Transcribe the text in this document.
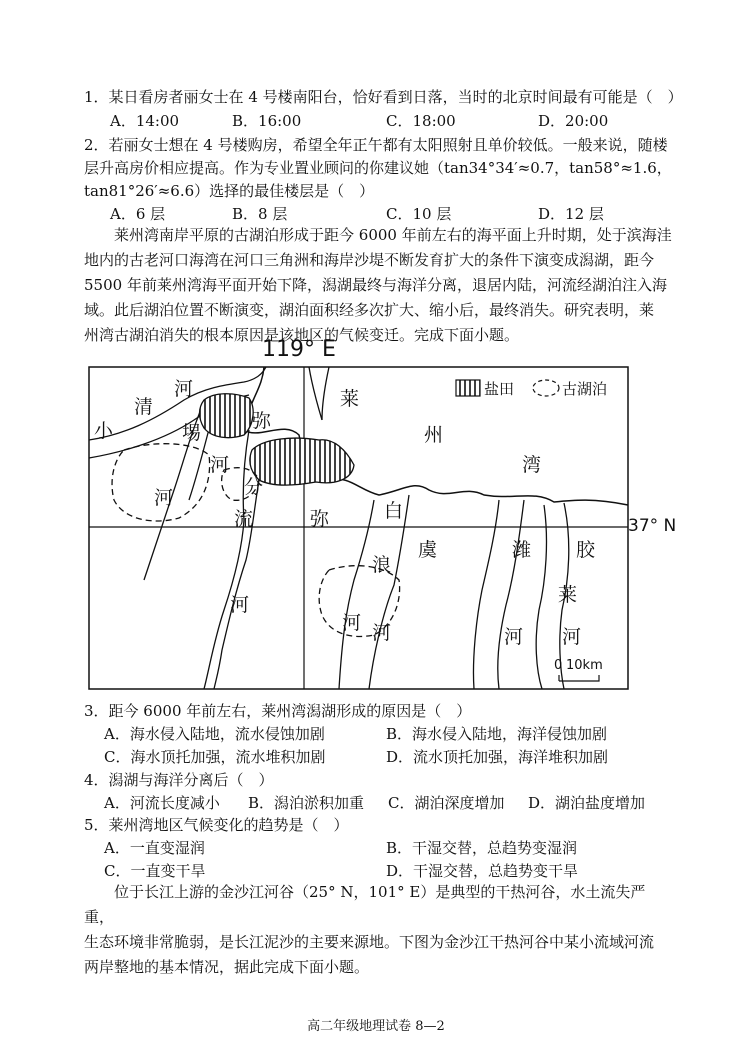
1．某日看房者丽女士在 4 号楼南阳台，恰好看到日落，当时的北京时间最有可能是（　）
A．14:00	B．16:00	C．18:00	D．20:00
2．若丽女士想在 4 号楼购房，希望全年正午都有太阳照射且单价较低。一般来说，随楼
层升高房价相应提高。作为专业置业顾问的你建议她（tan34°34′≈0.7，tan58°≈1.6，
tan81°26′≈6.6）选择的最佳楼层是（　）
A．6 层	B．8 层	C．10 层	D．12 层
莱州湾南岸平原的古湖泊形成于距今 6000 年前左右的海平面上升时期，处于滨海洼
地内的古老河口海湾在河口三角洲和海岸沙堤不断发育扩大的条件下演变成潟湖，距今
5500 年前莱州湾海平面开始下降，潟湖最终与海洋分离，退居内陆，河流经湖泊注入海
域。此后湖泊位置不断演变，湖泊面积经多次扩大、缩小后，最终消失。研究表明，莱
州湾古湖泊消失的根本原因是该地区的气候变迁。完成下面小题。
119° E
37° N
盐田	古湖泊
0 10km
小
清
河
河
埸
河
弥
莱
州
湾
分
流	弥	白
河
虞
浪
潍 胶
莱
河
河
河 河
3．距今 6000 年前左右，莱州湾潟湖形成的原因是（　）
A．海水侵入陆地，流水侵蚀加剧	B．海水侵入陆地，海洋侵蚀加剧
C．海水顶托加强，流水堆积加剧	D．流水顶托加强，海洋堆积加剧
4．潟湖与海洋分离后（　）
A．河流长度减小 B．潟泊淤积加重 C．湖泊深度增加 D．湖泊盐度增加
5．莱州湾地区气候变化的趋势是（　）
A．一直变湿润	B．干湿交替，总趋势变湿润
C．一直变干旱	D．干湿交替，总趋势变干旱
位于长江上游的金沙江河谷（25° N，101° E）是典型的干热河谷，水土流失严重，
生态环境非常脆弱，是长江泥沙的主要来源地。下图为金沙江干热河谷中某小流域河流
两岸整地的基本情况，据此完成下面小题。
高二年级地理试卷 8—2
